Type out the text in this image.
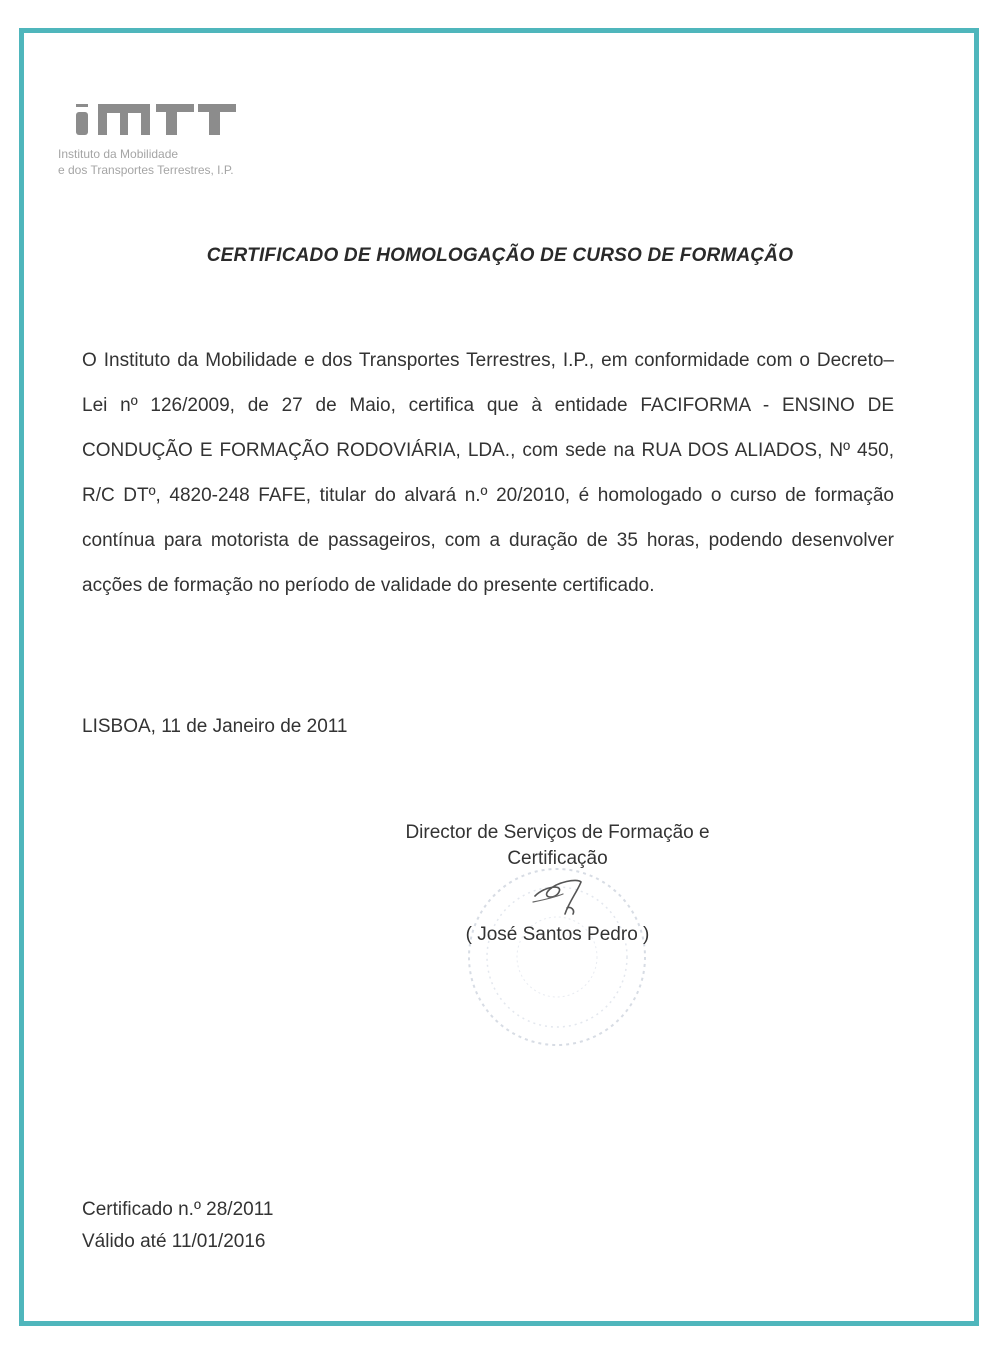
Instituto da Mobilidade
e dos Transportes Terrestres, I.P.
CERTIFICADO DE HOMOLOGAÇÃO DE CURSO DE FORMAÇÃO
O Instituto da Mobilidade e dos Transportes Terrestres, I.P., em conformidade com o Decreto–Lei nº 126/2009, de 27 de Maio, certifica que à entidade FACIFORMA - ENSINO DE CONDUÇÃO E FORMAÇÃO RODOVIÁRIA, LDA., com sede na RUA DOS ALIADOS, Nº 450, R/C DTº, 4820-248 FAFE, titular do alvará n.º 20/2010, é homologado o curso de formação contínua para motorista de passageiros, com a duração de 35 horas, podendo desenvolver acções de formação no período de validade do presente certificado.
LISBOA, 11 de Janeiro de 2011
Director de Serviços de Formação e
Certificação
( José Santos Pedro )
Certificado n.º 28/2011
Válido até 11/01/2016
